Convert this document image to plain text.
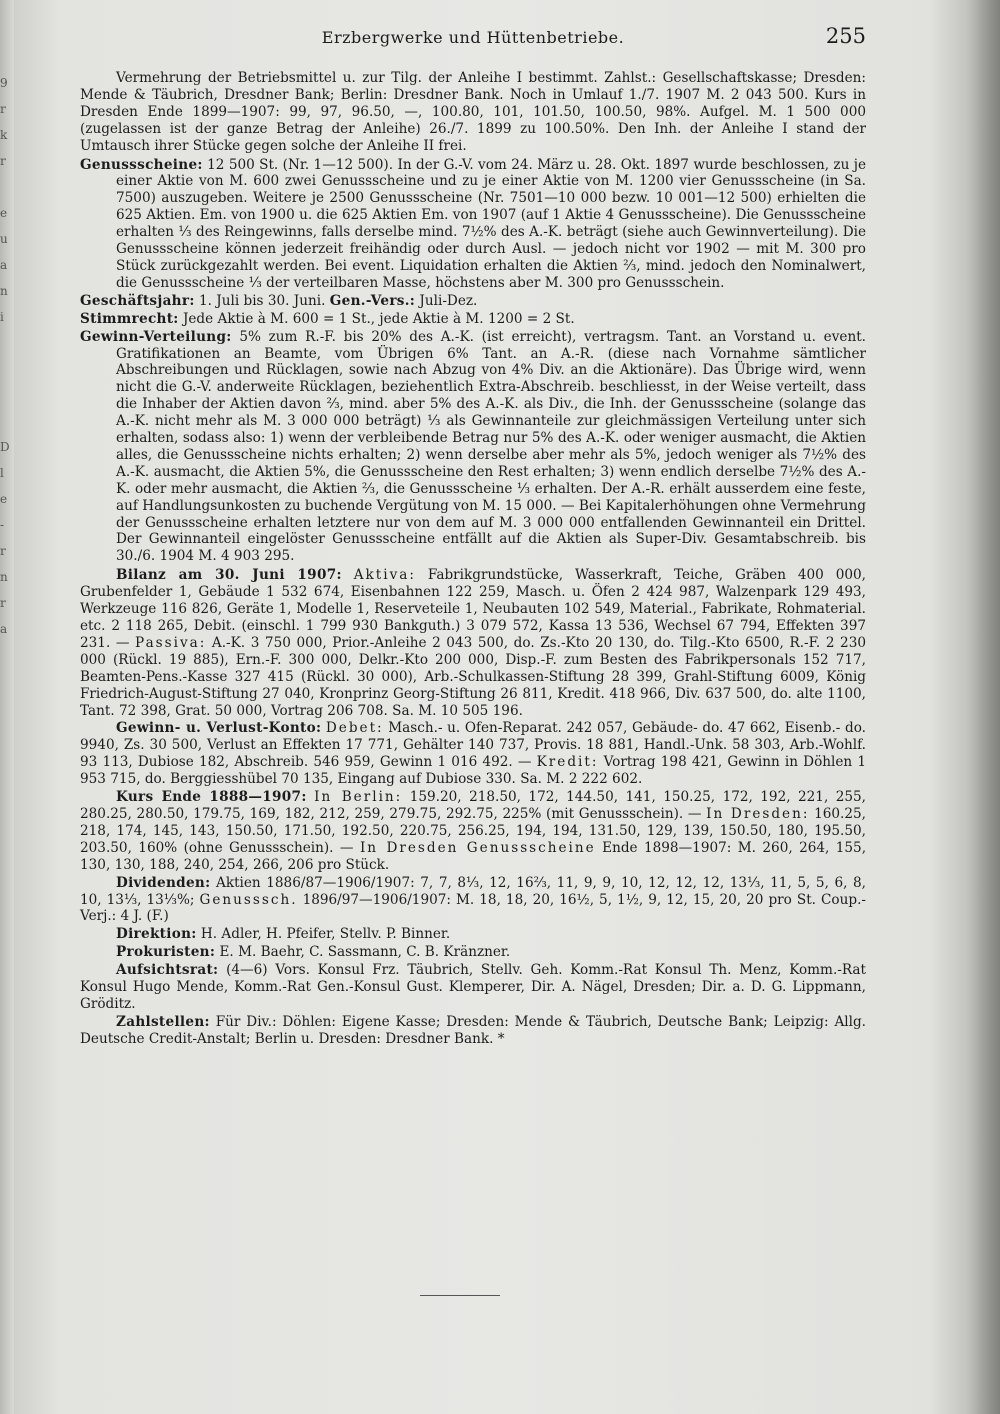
9
r
k
r

e
u
a
n
i

D
l
e
-
r
n
r
a
Erzbergwerke und Hüttenbetriebe.	255

Vermehrung der Betriebsmittel u. zur Tilg. der Anleihe I bestimmt. Zahlst.: Gesellschaftskasse; Dresden: Mende & Täubrich, Dresdner Bank; Berlin: Dresdner Bank. Noch in Umlauf 1./7. 1907 M. 2 043 500. Kurs in Dresden Ende 1899—1907: 99, 97, 96.50, —, 100.80, 101, 101.50, 100.50, 98%. Aufgel. M. 1 500 000 (zugelassen ist der ganze Betrag der Anleihe) 26./7. 1899 zu 100.50%. Den Inh. der Anleihe I stand der Umtausch ihrer Stücke gegen solche der Anleihe II frei.

Genussscheine: 12 500 St. (Nr. 1—12 500). In der G.-V. vom 24. März u. 28. Okt. 1897 wurde beschlossen, zu je einer Aktie von M. 600 zwei Genussscheine und zu je einer Aktie von M. 1200 vier Genussscheine (in Sa. 7500) auszugeben. Weitere je 2500 Genussscheine (Nr. 7501—10 000 bezw. 10 001—12 500) erhielten die 625 Aktien. Em. von 1900 u. die 625 Aktien Em. von 1907 (auf 1 Aktie 4 Genussscheine). Die Genussscheine erhalten ⅓ des Reingewinns, falls derselbe mind. 7½% des A.-K. beträgt (siehe auch Gewinnverteilung). Die Genussscheine können jederzeit freihändig oder durch Ausl. — jedoch nicht vor 1902 — mit M. 300 pro Stück zurückgezahlt werden. Bei event. Liquidation erhalten die Aktien ⅔, mind. jedoch den Nominalwert, die Genussscheine ⅓ der verteilbaren Masse, höchstens aber M. 300 pro Genussschein.

Geschäftsjahr: 1. Juli bis 30. Juni. Gen.-Vers.: Juli-Dez.

Stimmrecht: Jede Aktie à M. 600 = 1 St., jede Aktie à M. 1200 = 2 St.

Gewinn-Verteilung: 5% zum R.-F. bis 20% des A.-K. (ist erreicht), vertragsm. Tant. an Vorstand u. event. Gratifikationen an Beamte, vom Übrigen 6% Tant. an A.-R. (diese nach Vornahme sämtlicher Abschreibungen und Rücklagen, sowie nach Abzug von 4% Div. an die Aktionäre). Das Übrige wird, wenn nicht die G.-V. anderweite Rücklagen, beziehentlich Extra-Abschreib. beschliesst, in der Weise verteilt, dass die Inhaber der Aktien davon ⅔, mind. aber 5% des A.-K. als Div., die Inh. der Genussscheine (solange das A.-K. nicht mehr als M. 3 000 000 beträgt) ⅓ als Gewinnanteile zur gleichmässigen Verteilung unter sich erhalten, sodass also: 1) wenn der verbleibende Betrag nur 5% des A.-K. oder weniger ausmacht, die Aktien alles, die Genussscheine nichts erhalten; 2) wenn derselbe aber mehr als 5%, jedoch weniger als 7½% des A.-K. ausmacht, die Aktien 5%, die Genussscheine den Rest erhalten; 3) wenn endlich derselbe 7½% des A.-K. oder mehr ausmacht, die Aktien ⅔, die Genussscheine ⅓ erhalten. Der A.-R. erhält ausserdem eine feste, auf Handlungsunkosten zu buchende Vergütung von M. 15 000. — Bei Kapitalerhöhungen ohne Vermehrung der Genussscheine erhalten letztere nur von dem auf M. 3 000 000 entfallenden Gewinnanteil ein Drittel. Der Gewinnanteil eingelöster Genussscheine entfällt auf die Aktien als Super-Div. Gesamtabschreib. bis 30./6. 1904 M. 4 903 295.

Bilanz am 30. Juni 1907: Aktiva: Fabrikgrundstücke, Wasserkraft, Teiche, Gräben 400 000, Grubenfelder 1, Gebäude 1 532 674, Eisenbahnen 122 259, Masch. u. Öfen 2 424 987, Walzenpark 129 493, Werkzeuge 116 826, Geräte 1, Modelle 1, Reserveteile 1, Neubauten 102 549, Material., Fabrikate, Rohmaterial. etc. 2 118 265, Debit. (einschl. 1 799 930 Bankguth.) 3 079 572, Kassa 13 536, Wechsel 67 794, Effekten 397 231. — Passiva: A.-K. 3 750 000, Prior.-Anleihe 2 043 500, do. Zs.-Kto 20 130, do. Tilg.-Kto 6500, R.-F. 2 230 000 (Rückl. 19 885), Ern.-F. 300 000, Delkr.-Kto 200 000, Disp.-F. zum Besten des Fabrikpersonals 152 717, Beamten-Pens.-Kasse 327 415 (Rückl. 30 000), Arb.-Schulkassen-Stiftung 28 399, Grahl-Stiftung 6009, König Friedrich-August-Stiftung 27 040, Kronprinz Georg-Stiftung 26 811, Kredit. 418 966, Div. 637 500, do. alte 1100, Tant. 72 398, Grat. 50 000, Vortrag 206 708. Sa. M. 10 505 196.

Gewinn- u. Verlust-Konto: Debet: Masch.- u. Ofen-Reparat. 242 057, Gebäude- do. 47 662, Eisenb.- do. 9940, Zs. 30 500, Verlust an Effekten 17 771, Gehälter 140 737, Provis. 18 881, Handl.-Unk. 58 303, Arb.-Wohlf. 93 113, Dubiose 182, Abschreib. 546 959, Gewinn 1 016 492. — Kredit: Vortrag 198 421, Gewinn in Döhlen 1 953 715, do. Berggiesshübel 70 135, Eingang auf Dubiose 330. Sa. M. 2 222 602.

Kurs Ende 1888—1907: In Berlin: 159.20, 218.50, 172, 144.50, 141, 150.25, 172, 192, 221, 255, 280.25, 280.50, 179.75, 169, 182, 212, 259, 279.75, 292.75, 225% (mit Genussschein). — In Dresden: 160.25, 218, 174, 145, 143, 150.50, 171.50, 192.50, 220.75, 256.25, 194, 194, 131.50, 129, 139, 150.50, 180, 195.50, 203.50, 160% (ohne Genussschein). — In Dresden Genussscheine Ende 1898—1907: M. 260, 264, 155, 130, 130, 188, 240, 254, 266, 206 pro Stück.

Dividenden: Aktien 1886/87—1906/1907: 7, 7, 8⅓, 12, 16⅔, 11, 9, 9, 10, 12, 12, 12, 13⅓, 11, 5, 5, 6, 8, 10, 13⅓, 13⅓%; Genusssch. 1896/97—1906/1907: M. 18, 18, 20, 16½, 5, 1½, 9, 12, 15, 20, 20 pro St. Coup.-Verj.: 4 J. (F.)

Direktion: H. Adler, H. Pfeifer, Stellv. P. Binner.

Prokuristen: E. M. Baehr, C. Sassmann, C. B. Kränzner.

Aufsichtsrat: (4—6) Vors. Konsul Frz. Täubrich, Stellv. Geh. Komm.-Rat Konsul Th. Menz, Komm.-Rat Konsul Hugo Mende, Komm.-Rat Gen.-Konsul Gust. Klemperer, Dir. A. Nägel, Dresden; Dir. a. D. G. Lippmann, Gröditz.

Zahlstellen: Für Div.: Döhlen: Eigene Kasse; Dresden: Mende & Täubrich, Deutsche Bank; Leipzig: Allg. Deutsche Credit-Anstalt; Berlin u. Dresden: Dresdner Bank. *
